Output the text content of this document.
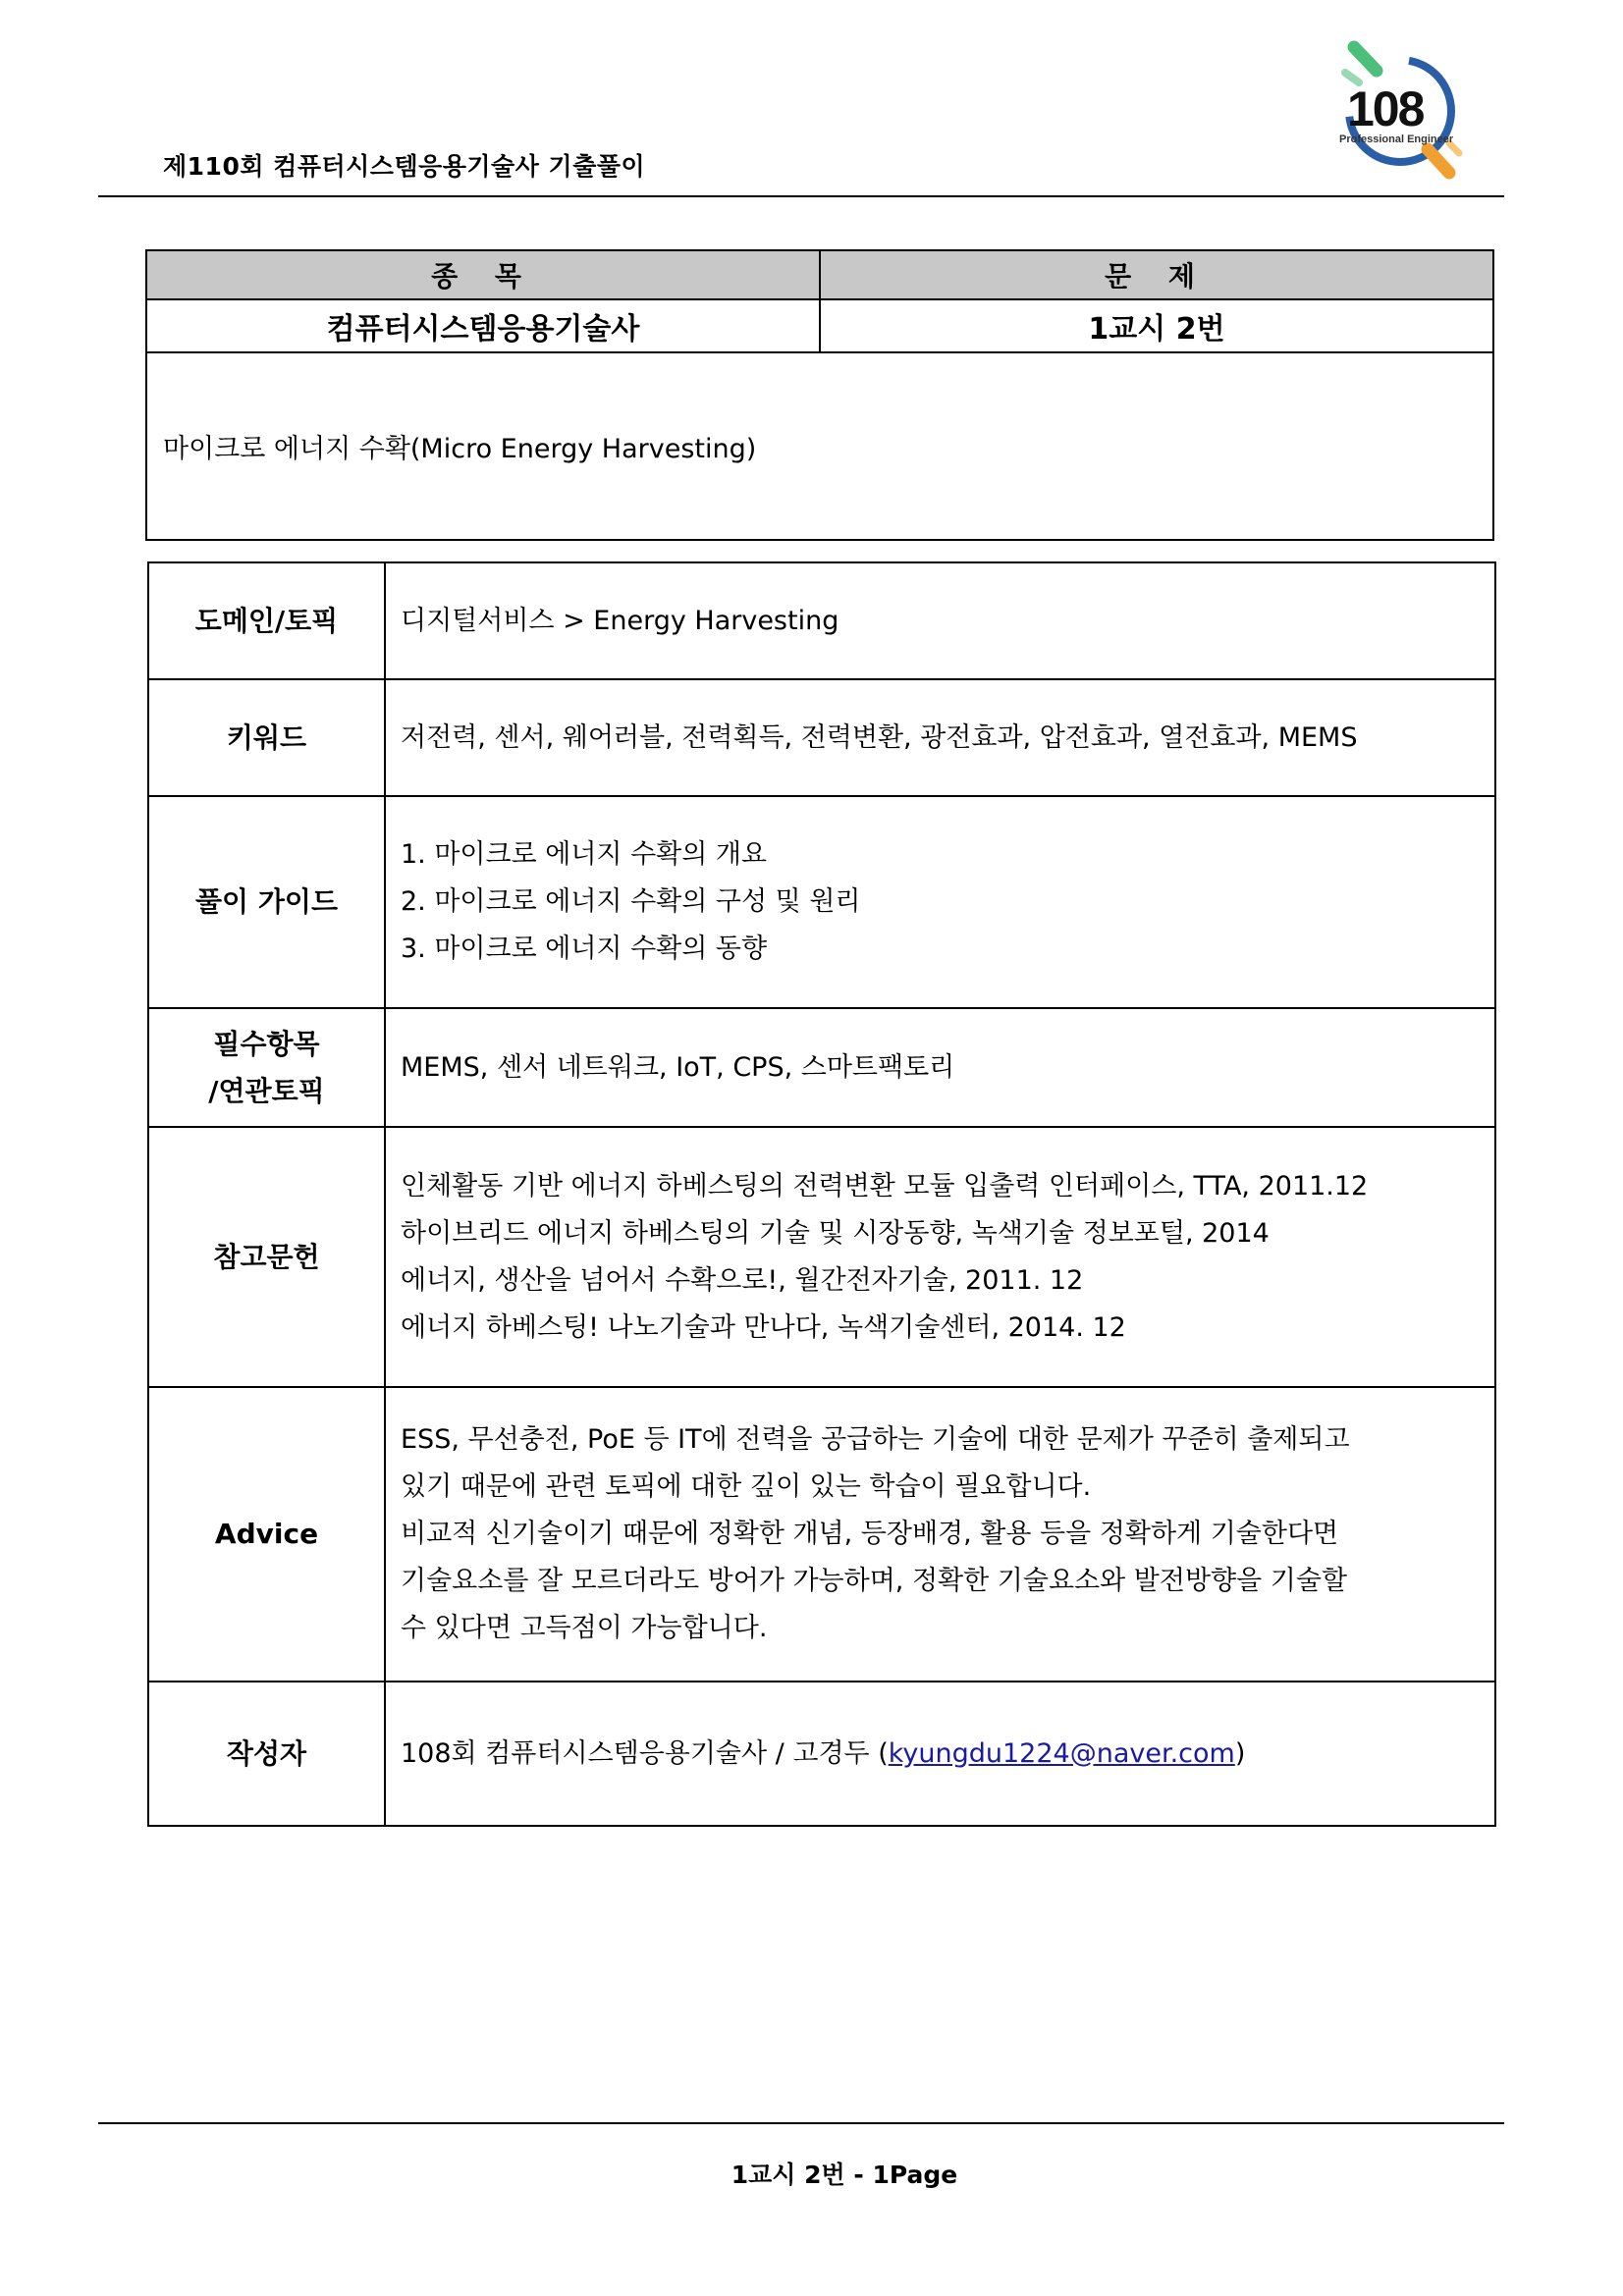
제110회 컴퓨터시스템응용기술사 기출풀이
108
Professional Engineer
종 목	문 제
컴퓨터시스템응용기술사	1교시 2번
마이크로 에너지 수확(Micro Energy Harvesting)	
도메인/토픽	디지털서비스 > Energy Harvesting
키워드	저전력, 센서, 웨어러블, 전력획득, 전력변환, 광전효과, 압전효과, 열전효과, MEMS
풀이 가이드	1. 마이크로 에너지 수확의 개요
2. 마이크로 에너지 수확의 구성 및 원리
3. 마이크로 에너지 수확의 동향

필수항목
/연관토픽	MEMS, 센서 네트워크, IoT, CPS, 스마트팩토리
참고문헌	인체활동 기반 에너지 하베스팅의 전력변환 모듈 입출력 인터페이스, TTA, 2011.12
하이브리드 에너지 하베스팅의 기술 및 시장동향, 녹색기술 정보포털, 2014
에너지, 생산을 넘어서 수확으로!, 월간전자기술, 2011. 12
에너지 하베스팅! 나노기술과 만나다, 녹색기술센터, 2014. 12

Advice	ESS, 무선충전, PoE 등 IT에 전력을 공급하는 기술에 대한 문제가 꾸준히 출제되고
있기 때문에 관련 토픽에 대한 깊이 있는 학습이 필요합니다.
비교적 신기술이기 때문에 정확한 개념, 등장배경, 활용 등을 정확하게 기술한다면
기술요소를 잘 모르더라도 방어가 가능하며, 정확한 기술요소와 발전방향을 기술할
수 있다면 고득점이 가능합니다.

작성자	108회 컴퓨터시스템응용기술사 / 고경두 (kyungdu1224@naver.com)
1교시 2번 - 1Page
